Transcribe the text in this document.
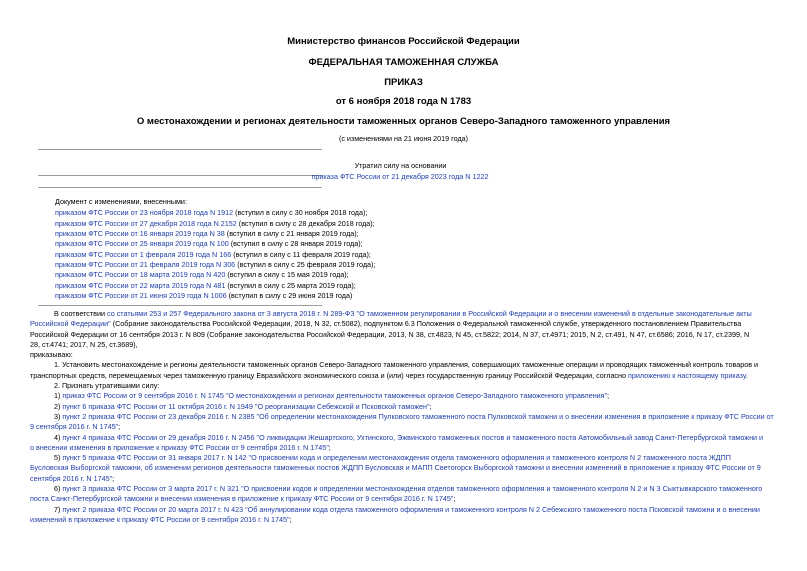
Министерство финансов Российской Федерации
ФЕДЕРАЛЬНАЯ ТАМОЖЕННАЯ СЛУЖБА
ПРИКАЗ
от 6 ноября 2018 года N 1783
О местонахождении и регионах деятельности таможенных органов Северо-Западного таможенного управления
(с изменениями на 21 июня 2019 года)
Утратил силу на основании
приказа ФТС России от 21 декабря 2023 года N 1222
Документ с изменениями, внесенными:
приказом ФТС России от 23 ноября 2018 года N 1912 (вступил в силу с 30 ноября 2018 года);
приказом ФТС России от 27 декабря 2018 года N 2152 (вступил в силу с 28 декабря 2018 года);
приказом ФТС России от 16 января 2019 года N 38 (вступил в силу с 21 января 2019 года);
приказом ФТС России от 25 января 2019 года N 100 (вступил в силу с 28 января 2019 года);
приказом ФТС России от 1 февраля 2019 года N 166 (вступил в силу с 11 февраля 2019 года);
приказом ФТС России от 21 февраля 2019 года N 306 (вступил в силу с 25 февраля 2019 года);
приказом ФТС России от 18 марта 2019 года N 420 (вступил в силу с 15 мая 2019 года);
приказом ФТС России от 22 марта 2019 года N 481 (вступил в силу с 25 марта 2019 года);
приказом ФТС России от 21 июня 2019 года N 1006 (вступил в силу с 29 июня 2019 года)
В соответствии со статьями 253 и 257 Федерального закона от 3 августа 2018 г. N 289-ФЗ "О таможенном регулировании в Российской Федерации и о внесении изменений в отдельные законодательные акты
Российской Федерации" (Собрание законодательства Российской Федерации, 2018, N 32, ст.5082), подпунктом 6.3 Положения о Федеральной таможенной службе, утвержденного постановлением Правительства
Российской Федерации от 16 сентября 2013 г. N 809 (Собрание законодательства Российской Федерации, 2013, N 38, ст.4823, N 45, ст.5822; 2014, N 37, ст.4971; 2015, N 2, ст.491, N 47, ст.6586; 2016, N 17, ст.2399, N
28, ст.4741; 2017, N 25, ст.3689),
приказываю:
1. Установить местонахождение и регионы деятельности таможенных органов Северо-Западного таможенного управления, совершающих таможенные операции и проводящих таможенный контроль товаров и
транспортных средств, перемещаемых через таможенную границу Евразийского экономического союза и (или) через государственную границу Российской Федерации, согласно приложению к настоящему приказу.
2. Признать утратившими силу:
1) приказ ФТС России от 9 сентября 2016 г. N 1745 "О местонахождении и регионах деятельности таможенных органов Северо-Западного таможенного управления";
2) пункт 6 приказа ФТС России от 11 октября 2016 г. N 1949 "О реорганизации Себежской и Псковской таможен";
3) пункт 2 приказа ФТС России от 23 декабря 2016 г. N 2385 "Об определении местонахождения Пулковского таможенного поста Пулковской таможни и о внесении изменения в приложение к приказу ФТС России от
9 сентября 2016 г. N 1745";
4) пункт 4 приказа ФТС России от 29 декабря 2016 г. N 2456 "О ликвидации Жешартского, Ухтинского, Эжвинского таможенных постов и таможенного поста Автомобильный завод Санкт-Петербургской таможни и
о внесении изменения в приложение к приказу ФТС России от 9 сентября 2016 г. N 1745";
5) пункт 5 приказа ФТС России от 31 января 2017 г. N 142 "О присвоении кода и определении местонахождения отдела таможенного оформления и таможенного контроля N 2 таможенного поста ЖДПП
Бусловская Выборгской таможни, об изменении регионов деятельности таможенных постов ЖДПП Бусловская и МАПП Светогорск Выборгской таможни и внесении изменений в приложение к приказу ФТС России от 9
сентября 2016 г. N 1745";
6) пункт 3 приказа ФТС России от 3 марта 2017 г. N 321 "О присвоении кодов и определении местонахождения отделов таможенного оформления и таможенного контроля N 2 и N 3 Сыктывкарского таможенного
поста Санкт-Петербургской таможни и внесении изменения в приложение к приказу ФТС России от 9 сентября 2016 г. N 1745";
7) пункт 2 приказа ФТС России от 20 марта 2017 г. N 423 "Об аннулировании кода отдела таможенного оформления и таможенного контроля N 2 Себежского таможенного поста Псковской таможни и о внесении
изменений в приложение к приказу ФТС России от 9 сентября 2016 г. N 1745";
